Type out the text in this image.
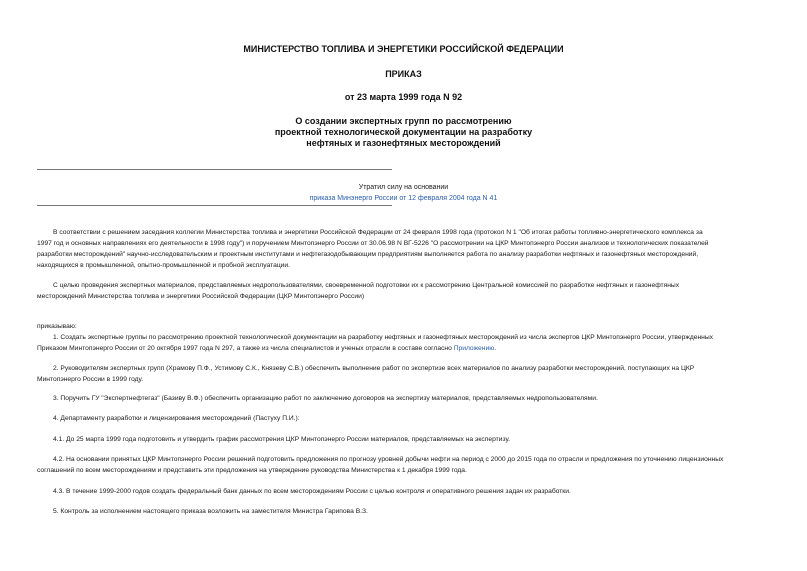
МИНИСТЕРСТВО ТОПЛИВА И ЭНЕРГЕТИКИ РОССИЙСКОЙ ФЕДЕРАЦИИ
ПРИКАЗ
от 23 марта 1999 года N 92
О создании экспертных групп по рассмотрению
проектной технологической документации на разработку
нефтяных и газонефтяных месторождений
Утратил силу на основании
приказа Минэнерго России от 12 февраля 2004 года N 41
В соответствии с решением заседания коллегии Министерства топлива и энергетики Российской Федерации от 24 февраля 1998 года (протокол N 1 "Об итогах работы топливно-энергетического комплекса за
1997 год и основных направлениях его деятельности в 1998 году") и поручением Минтопэнерго России от 30.06.98 N ВГ-5226 "О рассмотрении на ЦКР Минтопэнерго России анализов и технологических показателей
разработки месторождений" научно-исследовательским и проектным институтами и нефтегазодобывающим предприятиям выполняется работа по анализу разработки нефтяных и газонефтяных месторождений,
находящихся в промышленной, опытно-промышленной и пробной эксплуатации.
С целью проведения экспертных материалов, представляемых недропользователями, своевременной подготовки их к рассмотрению Центральной комиссией по разработке нефтяных и газонефтяных
месторождений Министерства топлива и энергетики Российской Федерации (ЦКР Минтопэнерго России)
приказываю:
1. Создать экспертные группы по рассмотрению проектной технологической документации на разработку нефтяных и газонефтяных месторождений из числа экспертов ЦКР Минтопэнерго России, утвержденных
Приказом Минтопэнерго России от 20 октября 1997 года N 297, а также из числа специалистов и ученых отрасли в составе согласно Приложению.
2. Руководителям экспертных групп (Храмову П.Ф., Устимову С.К., Князеву С.В.) обеспечить выполнение работ по экспертизе всех материалов по анализу разработки месторождений, поступающих на ЦКР
Минтопэнерго России в 1999 году.
3. Поручить ГУ "Экспертнефтегаз" (Базиву В.Ф.) обеспечить организацию работ по заключению договоров на экспертизу материалов, представляемых недропользователями.
4. Департаменту разработки и лицензирования месторождений (Пастуху П.И.):
4.1. До 25 марта 1999 года подготовить и утвердить график рассмотрения ЦКР Минтопэнерго России материалов, представляемых на экспертизу.
4.2. На основании принятых ЦКР Минтопэнерго России решений подготовить предложения по прогнозу уровней добычи нефти на период с 2000 до 2015 года по отрасли и предложения по уточнению лицензионных
соглашений по всем месторождениям и представить эти предложения на утверждение руководства Министерства к 1 декабря 1999 года.
4.3. В течение 1999-2000 годов создать федеральный банк данных по всем месторождениям России с целью контроля и оперативного решения задач их разработки.
5. Контроль за исполнением настоящего приказа возложить на заместителя Министра Гарипова В.З.
